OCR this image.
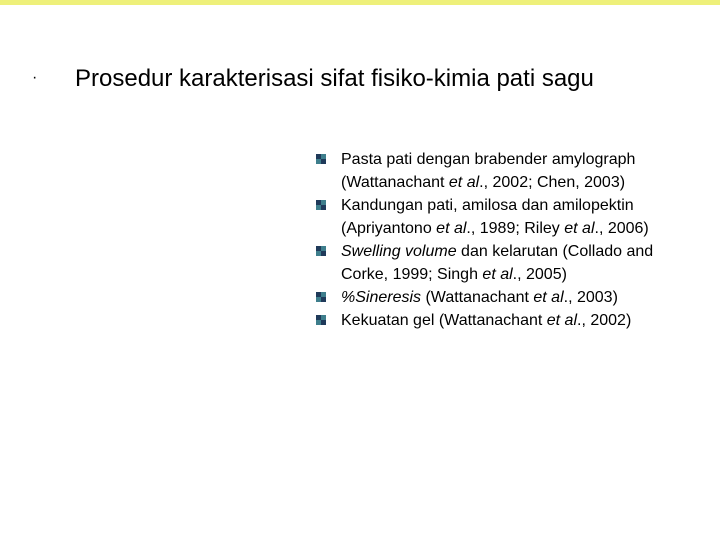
· Prosedur karakterisasi sifat fisiko-kimia pati sagu
Pasta pati dengan brabender amylograph (Wattanachant et al., 2002; Chen, 2003)
Kandungan pati, amilosa dan amilopektin (Apriyantono et al., 1989; Riley et al., 2006)
Swelling volume dan kelarutan (Collado and Corke, 1999; Singh et al., 2005)
%Sineresis (Wattanachant et al., 2003)
Kekuatan gel (Wattanachant et al., 2002)
